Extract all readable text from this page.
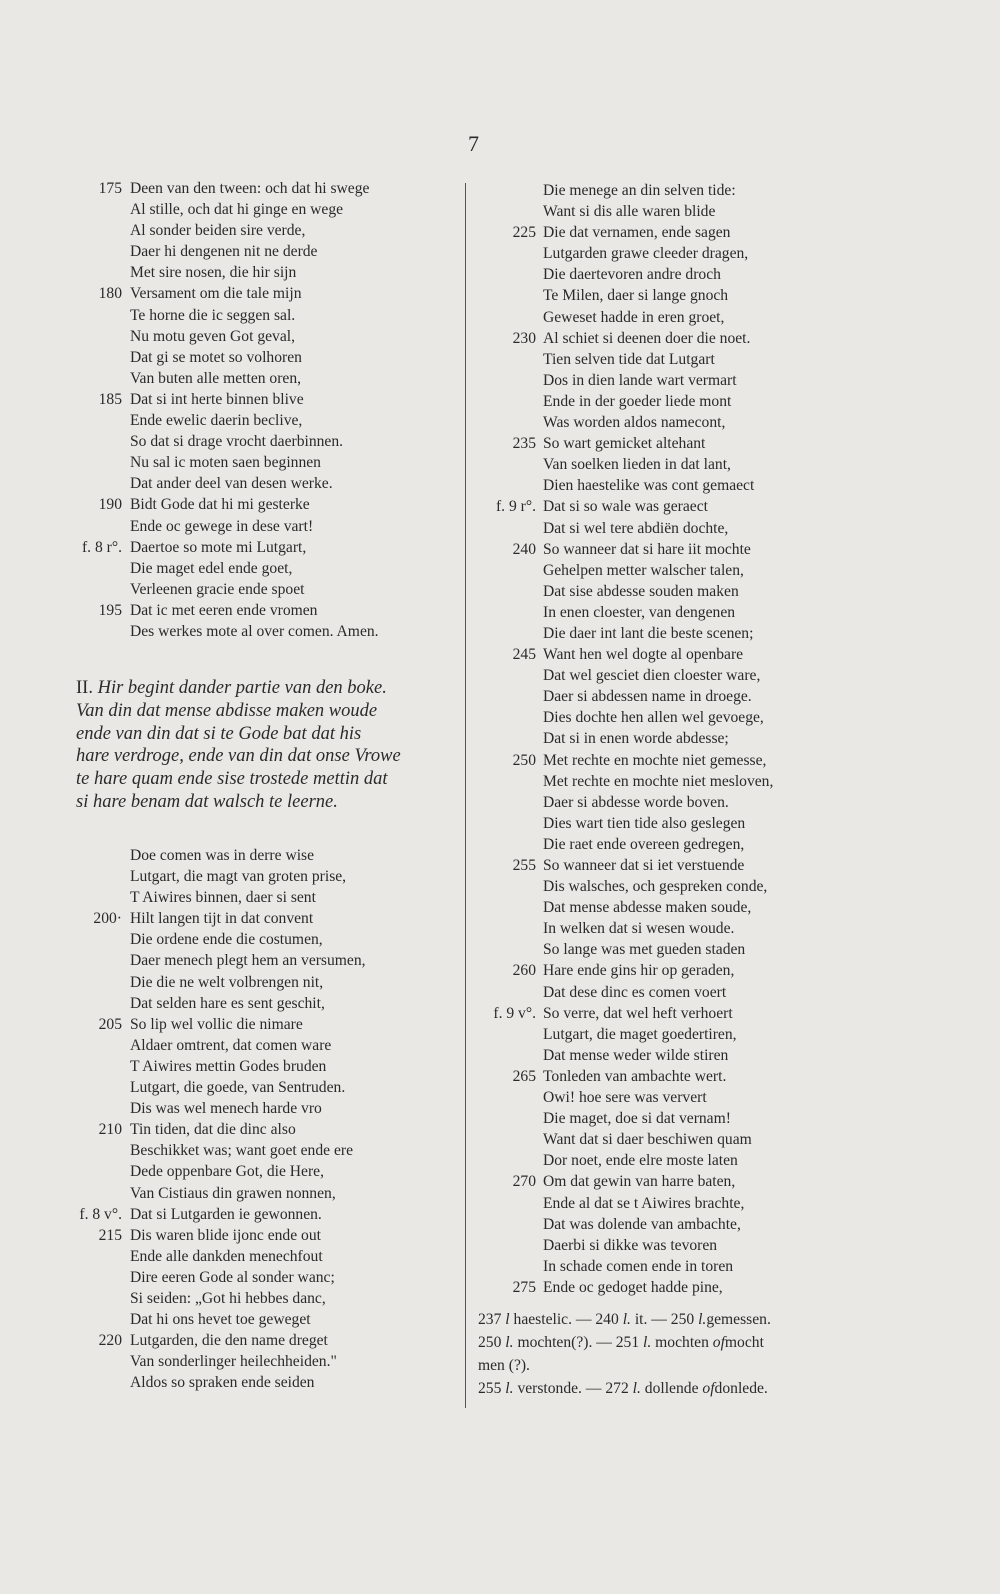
7
175 Deen van den tween: och dat hi swege
Al stille, och dat hi ginge en wege
Al sonder beiden sire verde,
Daer hi dengenen nit ne derde
Met sire nosen, die hir sijn
180 Versament om die tale mijn
Te horne die ic seggen sal.
Nu motu geven Got geval,
Dat gi se motet so volhoren
Van buten alle metten oren,
185 Dat si int herte binnen blive
Ende ewelic daerin beclive,
So dat si drage vrocht daerbinnen.
Nu sal ic moten saen beginnen
Dat ander deel van desen werke.
190 Bidt Gode dat hi mi gesterke
Ende oc gewege in dese vart!
f. 8 r°. Daertoe so mote mi Lutgart,
Die maget edel ende goet,
Verleenen gracie ende spoet
195 Dat ic met eeren ende vromen
Des werkes mote al over comen. Amen.
II. Hir begint dander partie van den boke.
Van din dat mense abdisse maken woude
ende van din dat si te Gode bat dat his
hare verdroge, ende van din dat onse Vrowe
te hare quam ende sise trostede mettin dat
si hare benam dat walsch te leerne.
Doe comen was in derre wise
Lutgart, die magt van groten prise,
T Aiwires binnen, daer si sent
200· Hilt langen tijt in dat convent
Die ordene ende die costumen,
Daer menech plegt hem an versumen,
Die die ne welt volbrengen nit,
Dat selden hare es sent geschit,
205 So lip wel vollic die nimare
Aldaer omtrent, dat comen ware
T Aiwires mettin Godes bruden
Lutgart, die goede, van Sentruden.
Dis was wel menech harde vro
210 Tin tiden, dat die dinc also
Beschikket was; want goet ende ere
Dede oppenbare Got, die Here,
Van Cistiaus din grawen nonnen,
f. 8 v°. Dat si Lutgarden ie gewonnen.
215 Dis waren blide ijonc ende out
Ende alle dankden menechfout
Dire eeren Gode al sonder wanc;
Si seiden: „Got hi hebbes danc,
Dat hi ons hevet toe geweget
220 Lutgarden, die den name dreget
Van sonderlinger heilechheiden."
Aldos so spraken ende seiden
Die menege an din selven tide:
Want si dis alle waren blide
225 Die dat vernamen, ende sagen
Lutgarden grawe cleeder dragen,
Die daertevoren andre droch
Te Milen, daer si lange gnoch
Geweset hadde in eren groet,
230 Al schiet si deenen doer die noet.
Tien selven tide dat Lutgart
Dos in dien lande wart vermart
Ende in der goeder liede mont
Was worden aldos namecont,
235 So wart gemicket altehant
Van soelken lieden in dat lant,
Dien haestelike was cont gemaect
f. 9 r°. Dat si so wale was geraect
Dat si wel tere abdiën dochte,
240 So wanneer dat si hare iit mochte
Gehelpen metter walscher talen,
Dat sise abdesse souden maken
In enen cloester, van dengenen
Die daer int lant die beste scenen;
245 Want hen wel dogte al openbare
Dat wel gesciet dien cloester ware,
Daer si abdessen name in droege.
Dies dochte hen allen wel gevoege,
Dat si in enen worde abdesse;
250 Met rechte en mochte niet gemesse,
Met rechte en mochte niet mesloven,
Daer si abdesse worde boven.
Dies wart tien tide also geslegen
Die raet ende overeen gedregen,
255 So wanneer dat si iet verstuende
Dis walsches, och gespreken conde,
Dat mense abdesse maken soude,
In welken dat si wesen woude.
So lange was met gueden staden
260 Hare ende gins hir op geraden,
Dat dese dinc es comen voert
f. 9 v°. So verre, dat wel heft verhoert
Lutgart, die maget goedertiren,
Dat mense weder wilde stiren
265 Tonleden van ambachte wert.
Owi! hoe sere was ververt
Die maget, doe si dat vernam!
Want dat si daer beschiwen quam
Dor noet, ende elre moste laten
270 Om dat gewin van harre baten,
Ende al dat se t Aiwires brachte,
Dat was dolende van ambachte,
Daerbi si dikke was tevoren
In schade comen ende in toren
275 Ende oc gedoget hadde pine,
237 l haestelic. — 240 l. it. — 250 l.gemessen.
250 l. mochten(?). — 251 l. mochten ofmocht
men (?).
255 l. verstonde. — 272 l. dollende ofdonlede.
